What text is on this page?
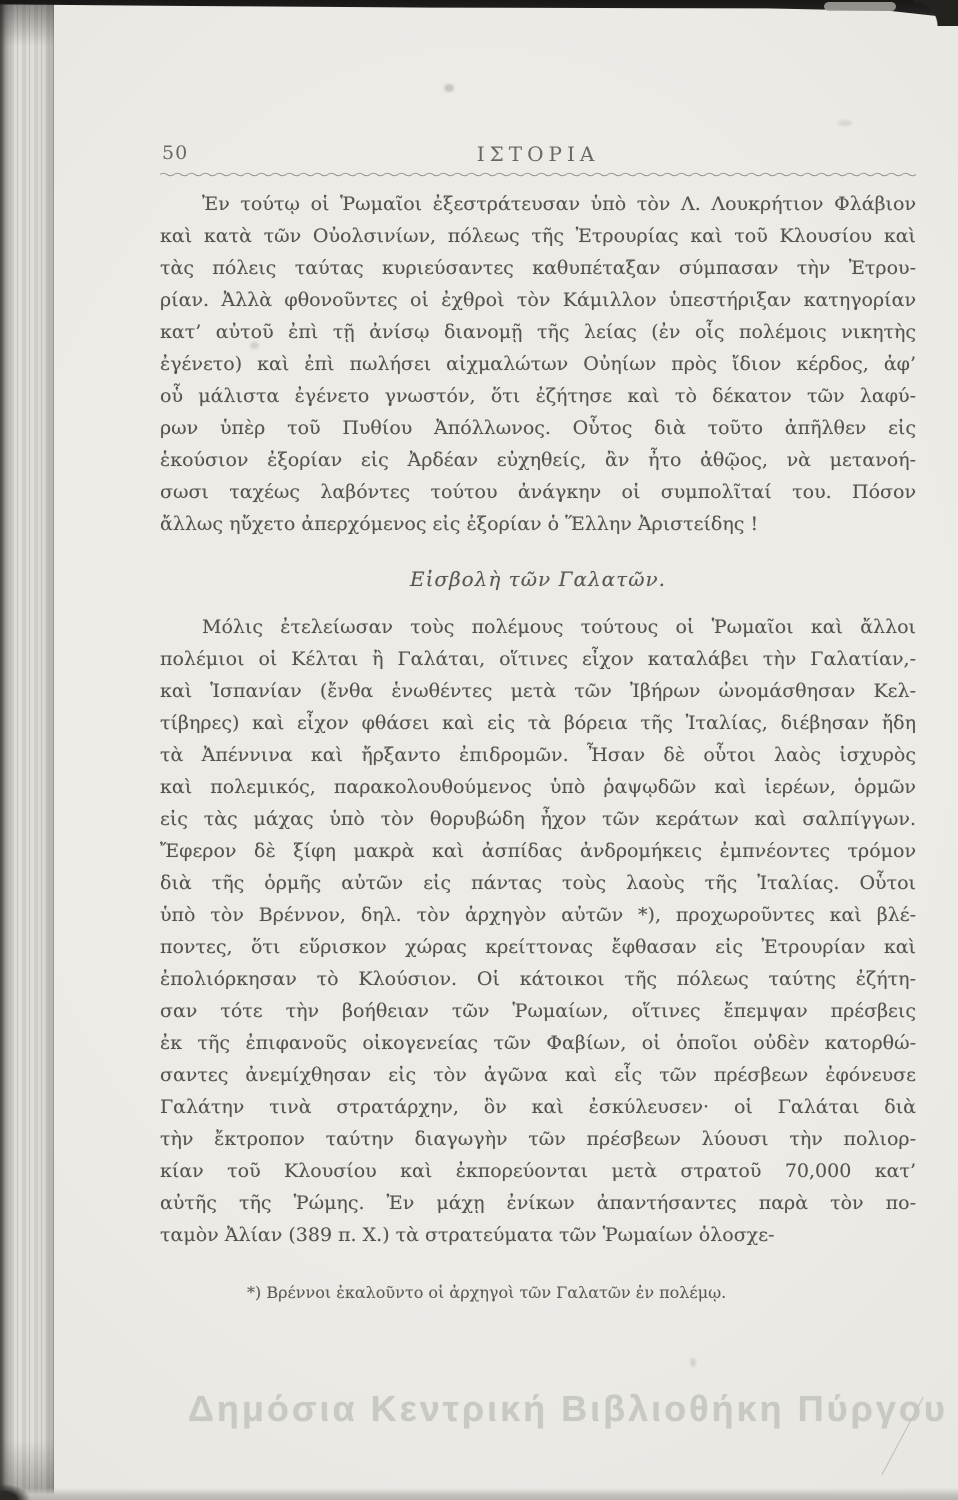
50	ΙΣΤΟΡΙΑ
Ἐν τούτῳ οἱ Ῥωμαῖοι ἐξεστράτευσαν ὑπὸ τὸν Λ. Λουκρήτιον Φλάβιον
καὶ κατὰ τῶν Οὐολσινίων, πόλεως τῆς Ἐτρουρίας καὶ τοῦ Κλουσίου καὶ
τὰς πόλεις ταύτας κυριεύσαντες καθυπέταξαν σύμπασαν τὴν Ἐτρου-
ρίαν. Ἀλλὰ φθονοῦντες οἱ ἐχθροὶ τὸν Κάμιλλον ὑπεστήριξαν κατηγορίαν
κατ’ αὐτοῦ ἐπὶ τῇ ἀνίσῳ διανομῇ τῆς λείας (ἐν οἷς πολέμοις νικητὴς
ἐγένετο) καὶ ἐπὶ πωλήσει αἰχμαλώτων Οὐηίων πρὸς ἴδιον κέρδος, ἀφ’
οὗ μάλιστα ἐγένετο γνωστόν, ὅτι ἐζήτησε καὶ τὸ δέκατον τῶν λαφύ-
ρων ὑπὲρ τοῦ Πυθίου Ἀπόλλωνος. Οὗτος διὰ τοῦτο ἀπῆλθεν εἰς
ἑκούσιον ἐξορίαν εἰς Ἀρδέαν εὐχηθείς, ἂν ἦτο ἀθῷος, νὰ μετανοή-
σωσι ταχέως λαβόντες τούτου ἀνάγκην οἱ συμπολῖταί του. Πόσον
ἄλλως ηὔχετο ἀπερχόμενος εἰς ἐξορίαν ὁ Ἕλλην Ἀριστείδης !
Εἰσβολὴ τῶν Γαλατῶν.
Μόλις ἐτελείωσαν τοὺς πολέμους τούτους οἱ Ῥωμαῖοι καὶ ἄλλοι
πολέμιοι οἱ Κέλται ἢ Γαλάται, οἵτινες εἶχον καταλάβει τὴν Γαλατίαν,-
καὶ Ἱσπανίαν (ἔνθα ἑνωθέντες μετὰ τῶν Ἰβήρων ὠνομάσθησαν Κελ-
τίβηρες) καὶ εἶχον φθάσει καὶ εἰς τὰ βόρεια τῆς Ἰταλίας, διέβησαν ἤδη
τὰ Ἀπέννινα καὶ ἤρξαντο ἐπιδρομῶν. Ἦσαν δὲ οὗτοι λαὸς ἰσχυρὸς
καὶ πολεμικός, παρακολουθούμενος ὑπὸ ῥαψῳδῶν καὶ ἱερέων, ὁρμῶν
εἰς τὰς μάχας ὑπὸ τὸν θορυβώδη ἦχον τῶν κεράτων καὶ σαλπίγγων.
Ἔφερον δὲ ξίφη μακρὰ καὶ ἀσπίδας ἀνδρομήκεις ἐμπνέοντες τρόμον
διὰ τῆς ὁρμῆς αὐτῶν εἰς πάντας τοὺς λαοὺς τῆς Ἰταλίας. Οὗτοι
ὑπὸ τὸν Βρέννον, δηλ. τὸν ἀρχηγὸν αὐτῶν *), προχωροῦντες καὶ βλέ-
ποντες, ὅτι εὕρισκον χώρας κρείττονας ἔφθασαν εἰς Ἐτρουρίαν καὶ
ἐπολιόρκησαν τὸ Κλούσιον. Οἱ κάτοικοι τῆς πόλεως ταύτης ἐζήτη-
σαν τότε τὴν βοήθειαν τῶν Ῥωμαίων, οἵτινες ἔπεμψαν πρέσβεις
ἐκ τῆς ἐπιφανοῦς οἰκογενείας τῶν Φαβίων, οἱ ὁποῖοι οὐδὲν κατορθώ-
σαντες ἀνεμίχθησαν εἰς τὸν ἀγῶνα καὶ εἷς τῶν πρέσβεων ἐφόνευσε
Γαλάτην τινὰ στρατάρχην, ὃν καὶ ἐσκύλευσεν· οἱ Γαλάται διὰ
τὴν ἔκτροπον ταύτην διαγωγὴν τῶν πρέσβεων λύουσι τὴν πολιορ-
κίαν τοῦ Κλουσίου καὶ ἐκπορεύονται μετὰ στρατοῦ 70,000 κατ’
αὐτῆς τῆς Ῥώμης. Ἐν μάχῃ ἐνίκων ἀπαντήσαντες παρὰ τὸν πο-
ταμὸν Ἀλίαν (389 π. Χ.) τὰ στρατεύματα τῶν Ῥωμαίων ὁλοσχε-
*) Βρέννοι ἐκαλοῦντο οἱ ἀρχηγοὶ τῶν Γαλατῶν ἐν πολέμῳ.
Δημόσια Κεντρική Βιβλιοθήκη Πύργου
